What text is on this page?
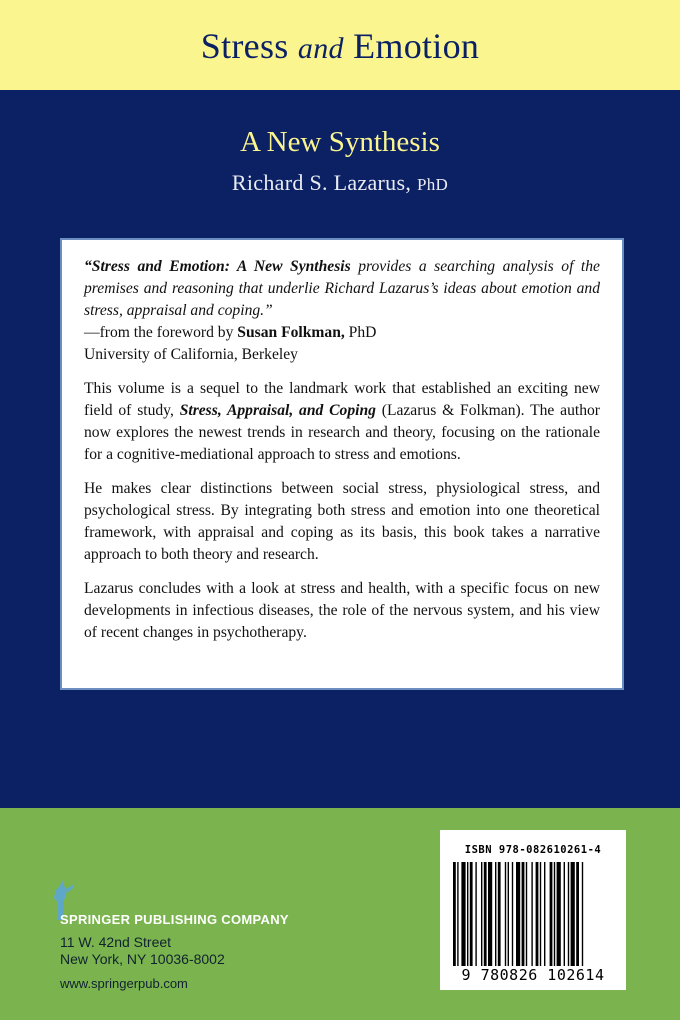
Stress and Emotion
A New Synthesis
Richard S. Lazarus, PhD

“Stress and Emotion: A New Synthesis provides a searching analysis of the premises and reasoning that underlie Richard Lazarus’s ideas about emotion and stress, appraisal and coping.”

—from the foreword by Susan Folkman, PhD

University of California, Berkeley

This volume is a sequel to the landmark work that established an exciting new field of study, Stress, Appraisal, and Coping (Lazarus & Folkman). The author now explores the newest trends in research and theory, focusing on the rationale for a cognitive-mediational approach to stress and emotions.

He makes clear distinctions between social stress, physiological stress, and psychological stress. By integrating both stress and emotion into one theoretical framework, with appraisal and coping as its basis, this book takes a narrative approach to both theory and research.

Lazarus concludes with a look at stress and health, with a specific focus on new developments in infectious diseases, the role of the nervous system, and his view of recent changes in psychotherapy.

SPRINGER PUBLISHING COMPANY
11 W. 42nd Street
New York, NY 10036-8002
www.springerpub.com
ISBN 978-082610261-4
9 780826 102614
